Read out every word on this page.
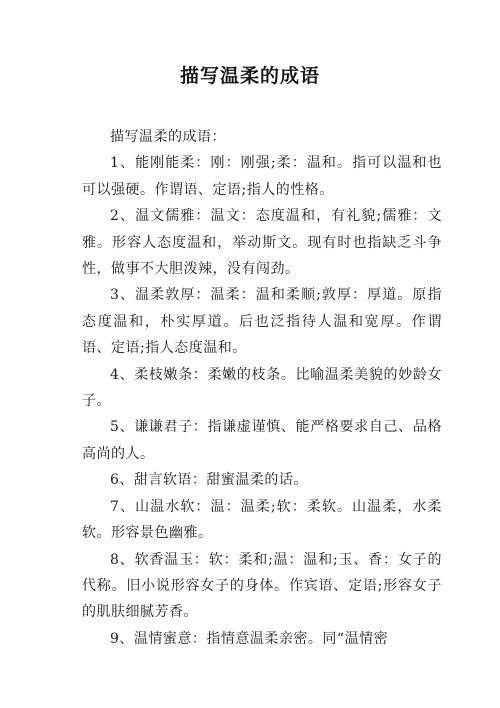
描写温柔的成语

描写温柔的成语：

1、能刚能柔：刚：刚强;柔：温和。指可以温和也可以强硬。作谓语、定语;指人的性格。

2、温文儒雅：温文：态度温和，有礼貌;儒雅：文雅。形容人态度温和，举动斯文。现有时也指缺乏斗争性，做事不大胆泼辣，没有闯劲。

3、温柔敦厚：温柔：温和柔顺;敦厚：厚道。原指态度温和，朴实厚道。后也泛指待人温和宽厚。作谓语、定语;指人态度温和。

4、柔枝嫩条：柔嫩的枝条。比喻温柔美貌的妙龄女子。

5、谦谦君子：指谦虚谨慎、能严格要求自己、品格高尚的人。

6、甜言软语：甜蜜温柔的话。

7、山温水软：温：温柔;软：柔软。山温柔，水柔软。形容景色幽雅。

8、软香温玉：软：柔和;温：温和;玉、香：女子的代称。旧小说形容女子的身体。作宾语、定语;形容女子的肌肤细腻芳香。

9、温情蜜意：指情意温柔亲密。同“温情密
